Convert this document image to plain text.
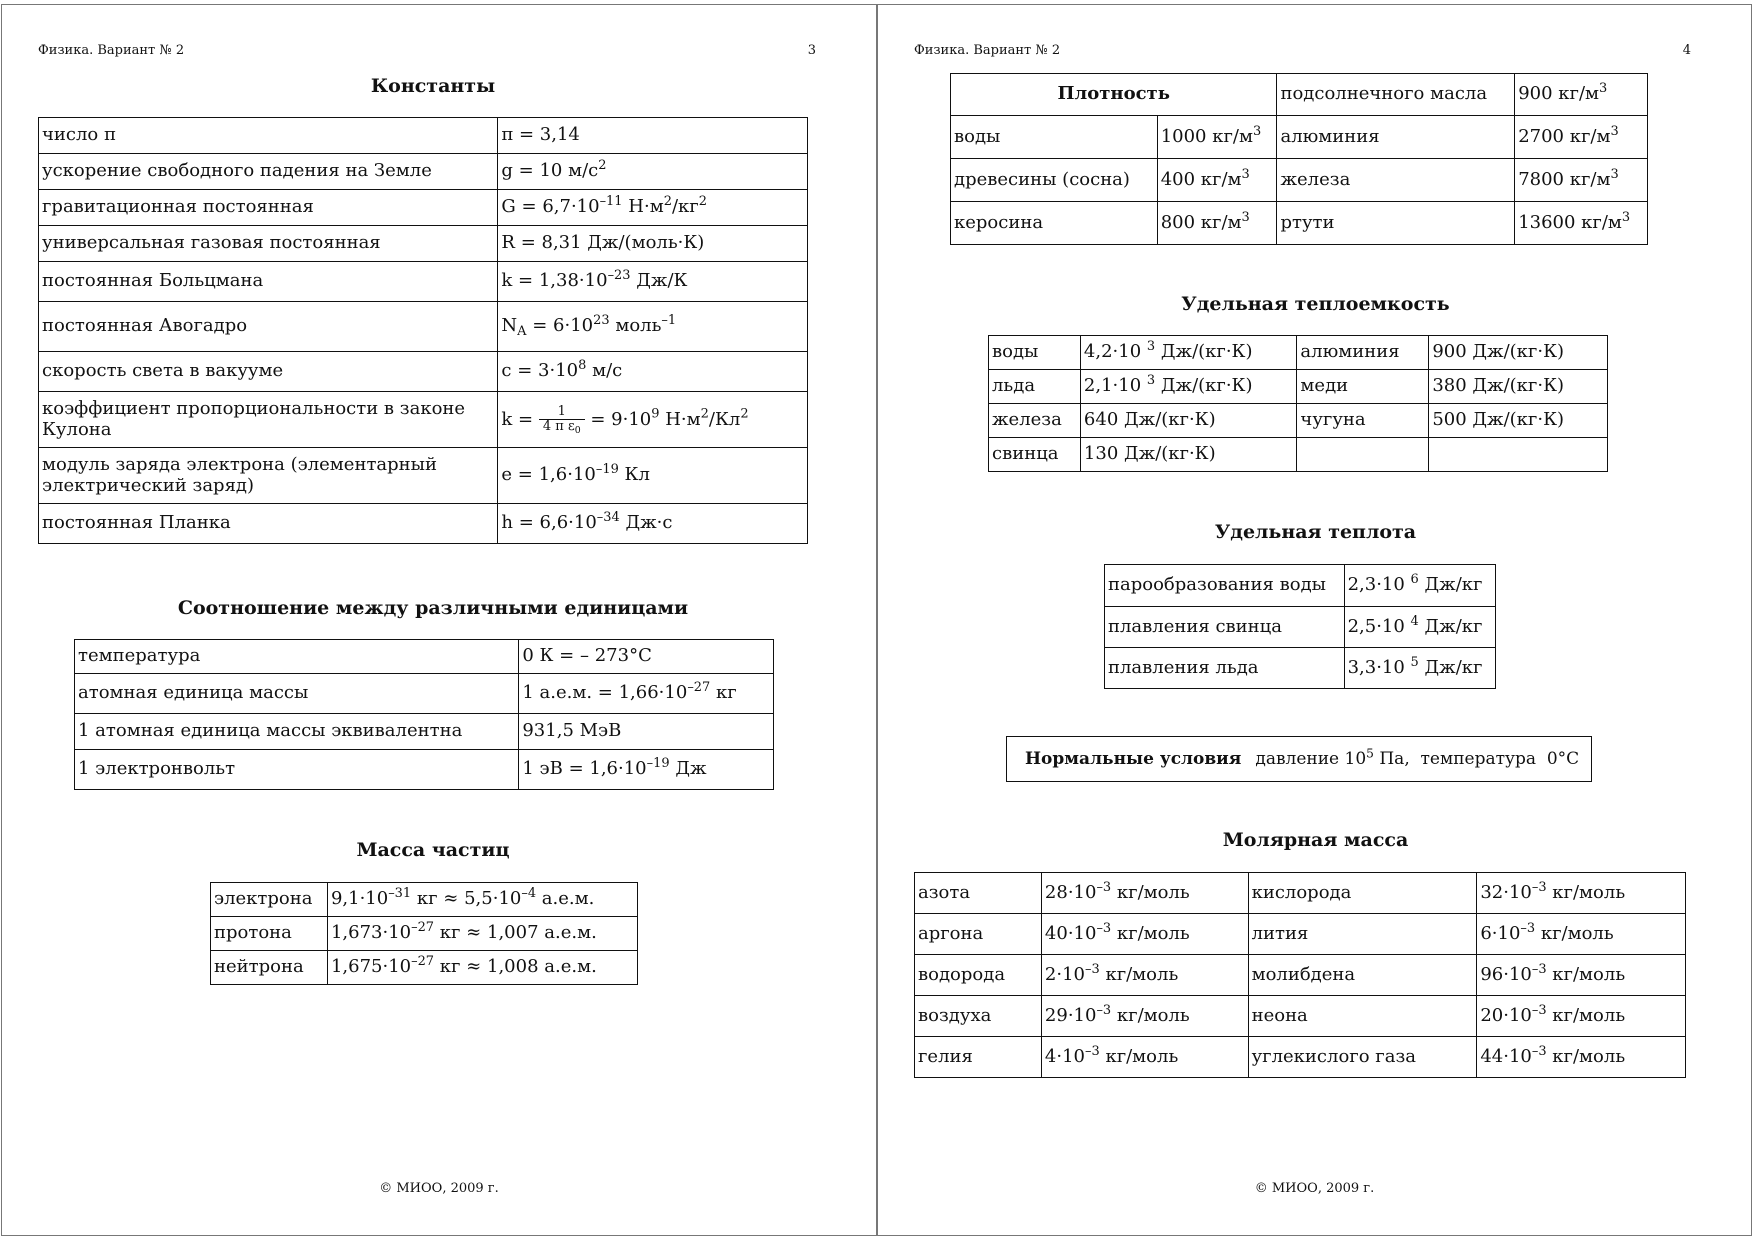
Физика. Вариант № 2	3
Константы
число π	π = 3,14
ускорение свободного падения на Земле	g = 10 $м/с^2$
гравитационная постоянная	$G = 6,7\cdot 10^{-11}$ $Н\cdot м^2/кг^2$
универсальная газовая постоянная	R = 8,31 Дж/(моль·К)
постоянная Больцмана	$k = 1,38\cdot 10^{-23}$ Дж/К
постоянная Авогадро	$N_A = 6\cdot 10^{23}$ моль$^{-1}$
скорость света в вакууме	$c = 3\cdot 10^8$ м/с
коэффициент пропорциональности в законе Кулона	$k = \frac{1}{4 \pi \varepsilon_0} = 9\cdot 10^9$ $Н\cdot м^2/Кл^2$
модуль заряда электрона (элементарный электрический заряд)	$e = 1,6\cdot 10^{-19}$ Кл
постоянная Планка	$h = 6,6\cdot 10^{-34}$ Дж·с
Соотношение между различными единицами
температура	0 К = – 273°С
атомная единица массы	1 а.е.м. = $1,66\cdot 10^{-27}$ кг
1 атомная единица массы эквивалентна	931,5 МэВ
1 электронвольт	1 эВ = $1,6\cdot 10^{-19}$ Дж
Масса частиц
электрона	$9,1\cdot 10^{-31}$ кг ≈ $5,5\cdot 10^{-4}$ а.е.м.
протона	$1,673\cdot 10^{-27}$ кг ≈ 1,007 а.е.м.
нейтрона	$1,675\cdot 10^{-27}$ кг ≈ 1,008 а.е.м.
© МИОО, 2009 г.
Физика. Вариант № 2	4
Плотность		подсолнечного масла	900 $кг/м^3$
воды	1000 $кг/м^3$	алюминия	2700 $кг/м^3$
древесины (сосна)	400 $кг/м^3$	железа	7800 $кг/м^3$
керосина	800 $кг/м^3$	ртути	13600 $кг/м^3$
Удельная теплоемкость
воды	4,2·10 $^3$ Дж/(кг·К)	алюминия	900 Дж/(кг·К)
льда	2,1·10 $^3$ Дж/(кг·К)	меди	380 Дж/(кг·К)
железа	640 Дж/(кг·К)	чугуна	500 Дж/(кг·К)
свинца	130 Дж/(кг·К)		
Удельная теплота
парообразования воды	2,3·10 $^6$ Дж/кг
плавления свинца	2,5·10 $^4$ Дж/кг
плавления льда	3,3·10 $^5$ Дж/кг
Нормальные условия давление $10^5$ Па,  температура  0°С
Молярная масса
азота	$28\cdot 10^{-3}$ кг/моль	кислорода	$32\cdot 10^{-3}$ кг/моль
аргона	$40\cdot 10^{-3}$ кг/моль	лития	$6\cdot 10^{-3}$ кг/моль
водорода	$2\cdot 10^{-3}$ кг/моль	молибдена	$96\cdot 10^{-3}$ кг/моль
воздуха	$29\cdot 10^{-3}$ кг/моль	неона	$20\cdot 10^{-3}$ кг/моль
гелия	$4\cdot 10^{-3}$ кг/моль	углекислого газа	$44\cdot 10^{-3}$ кг/моль
© МИОО, 2009 г.
